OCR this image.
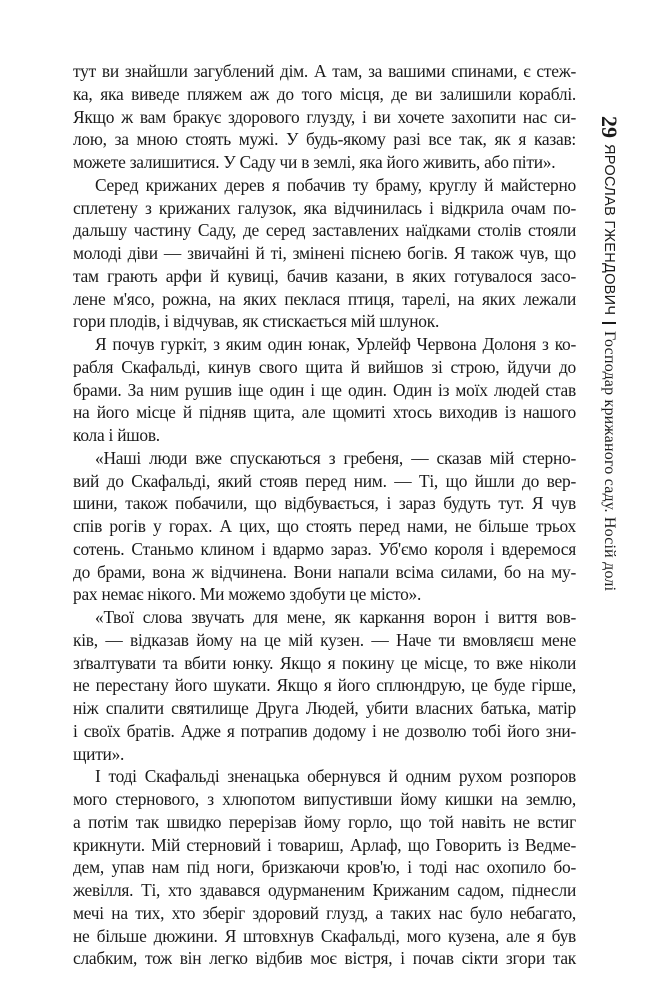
тут ви знайшли загублений дім. А там, за вашими спинами, є стеж-
ка, яка виведе пляжем аж до того місця, де ви залишили кораблі.
Якщо ж вам бракує здорового глузду, і ви хочете захопити нас си-
лою, за мною стоять мужі. У будь-якому разі все так, як я казав:
можете залишитися. У Саду чи в землі, яка його живить, або піти».
Серед крижаних дерев я побачив ту браму, круглу й майстерно
сплетену з крижаних галузок, яка відчинилась і відкрила очам по-
дальшу частину Саду, де серед заставлених наїдками столів стояли
молоді діви — звичайні й ті, змінені піснею богів. Я також чув, що
там грають арфи й кувиці, бачив казани, в яких готувалося засо-
лене м'ясо, рожна, на яких пеклася птиця, тарелі, на яких лежали
гори плодів, і відчував, як стискається мій шлунок.
Я почув гуркіт, з яким один юнак, Урлейф Червона Долоня з ко-
рабля Скафальді, кинув свого щита й вийшов зі строю, йдучи до
брами. За ним рушив іще один і ще один. Один із моїх людей став
на його місце й підняв щита, але щомиті хтось виходив із нашого
кола і йшов.
«Наші люди вже спускаються з гребеня, — сказав мій стерно-
вий до Скафальді, який стояв перед ним. — Ті, що йшли до вер-
шини, також побачили, що відбувається, і зараз будуть тут. Я чув
спів рогів у горах. А цих, що стоять перед нами, не більше трьох
сотень. Станьмо клином і вдармо зараз. Уб'ємо короля і вдеремося
до брами, вона ж відчинена. Вони напали всіма силами, бо на му-
рах немає нікого. Ми можемо здобути це місто».
«Твої слова звучать для мене, як каркання ворон і виття вов-
ків, — відказав йому на це мій кузен. — Наче ти вмовляєш мене
зґвалтувати та вбити юнку. Якщо я покину це місце, то вже ніколи
не перестану його шукати. Якщо я його сплюндрую, це буде гірше,
ніж спалити святилище Друга Людей, убити власних батька, матір
і своїх братів. Адже я потрапив додому і не дозволю тобі його зни-
щити».
І тоді Скафальді зненацька обернувся й одним рухом розпоров
мого стернового, з хлюпотом випустивши йому кишки на землю,
а потім так швидко перерізав йому горло, що той навіть не встиг
крикнути. Мій стерновий і товариш, Арлаф, що Говорить із Ведме-
дем, упав нам під ноги, бризкаючи кров'ю, і тоді нас охопило бо-
жевілля. Ті, хто здавався одурманеним Крижаним садом, піднесли
мечі на тих, хто зберіг здоровий глузд, а таких нас було небагато,
не більше дюжини. Я штовхнув Скафальді, мого кузена, але я був
слабким, тож він легко відбив моє вістря, і почав сікти згори так
29
ЯРОСЛАВ ГЖЕНДОВИЧ
Господар крижаного саду. Носій долі
